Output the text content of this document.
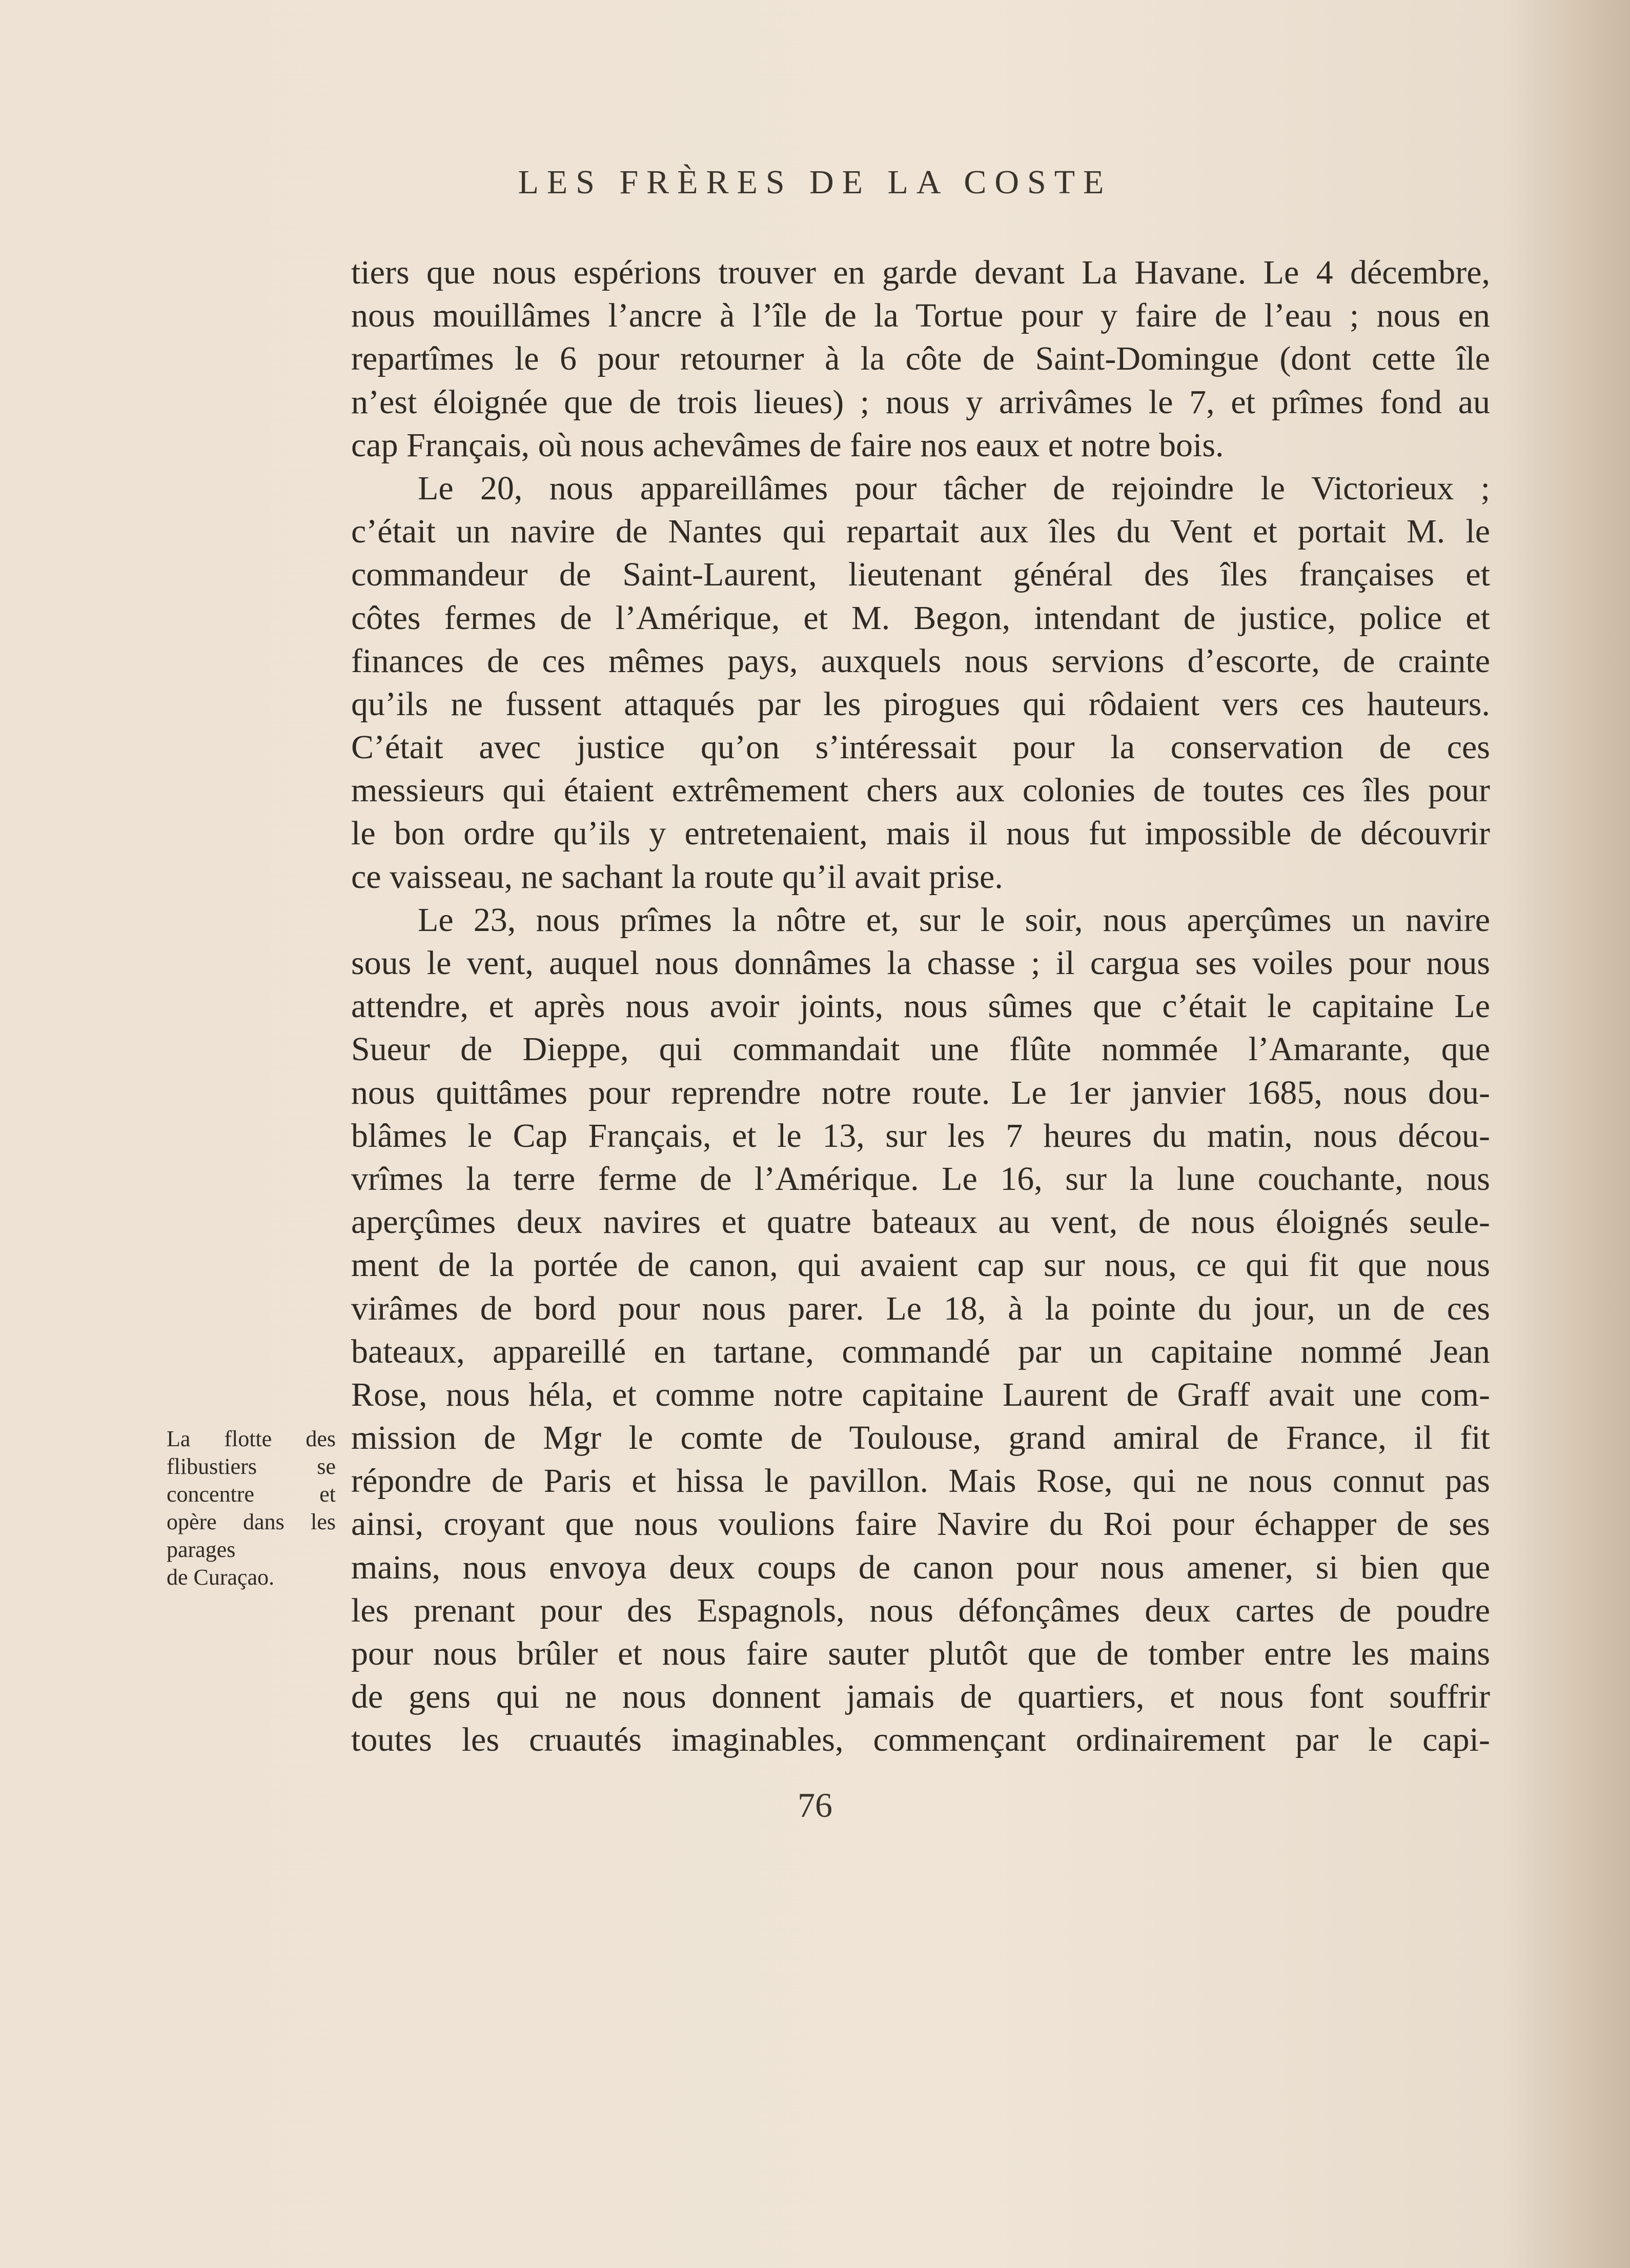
LES FRÈRES DE LA COSTE
tiers que nous espérions trouver en garde devant La Havane. Le 4 décembre,
nous mouillâmes l’ancre à l’île de la Tortue pour y faire de l’eau ; nous en
repartîmes le 6 pour retourner à la côte de Saint-Domingue (dont cette île
n’est éloignée que de trois lieues) ; nous y arrivâmes le 7, et prîmes fond au
cap Français, où nous achevâmes de faire nos eaux et notre bois.
Le 20, nous appareillâmes pour tâcher de rejoindre le Victorieux ;
c’était un navire de Nantes qui repartait aux îles du Vent et portait M. le
commandeur de Saint-Laurent, lieutenant général des îles françaises et
côtes fermes de l’Amérique, et M. Begon, intendant de justice, police et
finances de ces mêmes pays, auxquels nous servions d’escorte, de crainte
qu’ils ne fussent attaqués par les pirogues qui rôdaient vers ces hauteurs.
C’était avec justice qu’on s’intéressait pour la conservation de ces
messieurs qui étaient extrêmement chers aux colonies de toutes ces îles pour
le bon ordre qu’ils y entretenaient, mais il nous fut impossible de découvrir
ce vaisseau, ne sachant la route qu’il avait prise.
Le 23, nous prîmes la nôtre et, sur le soir, nous aperçûmes un navire
sous le vent, auquel nous donnâmes la chasse ; il cargua ses voiles pour nous
attendre, et après nous avoir joints, nous sûmes que c’était le capitaine Le
Sueur de Dieppe, qui commandait une flûte nommée l’Amarante, que
nous quittâmes pour reprendre notre route. Le 1er janvier 1685, nous dou-
blâmes le Cap Français, et le 13, sur les 7 heures du matin, nous décou-
vrîmes la terre ferme de l’Amérique. Le 16, sur la lune couchante, nous
aperçûmes deux navires et quatre bateaux au vent, de nous éloignés seule-
ment de la portée de canon, qui avaient cap sur nous, ce qui fit que nous
virâmes de bord pour nous parer. Le 18, à la pointe du jour, un de ces
bateaux, appareillé en tartane, commandé par un capitaine nommé Jean
Rose, nous héla, et comme notre capitaine Laurent de Graff avait une com-
mission de Mgr le comte de Toulouse, grand amiral de France, il fit
répondre de Paris et hissa le pavillon. Mais Rose, qui ne nous connut pas
ainsi, croyant que nous voulions faire Navire du Roi pour échapper de ses
mains, nous envoya deux coups de canon pour nous amener, si bien que
les prenant pour des Espagnols, nous défonçâmes deux cartes de poudre
pour nous brûler et nous faire sauter plutôt que de tomber entre les mains
de gens qui ne nous donnent jamais de quartiers, et nous font souffrir
toutes les cruautés imaginables, commençant ordinairement par le capi-
La flotte des
flibustiers se
concentre et
opère dans les
parages
de Curaçao.
76
